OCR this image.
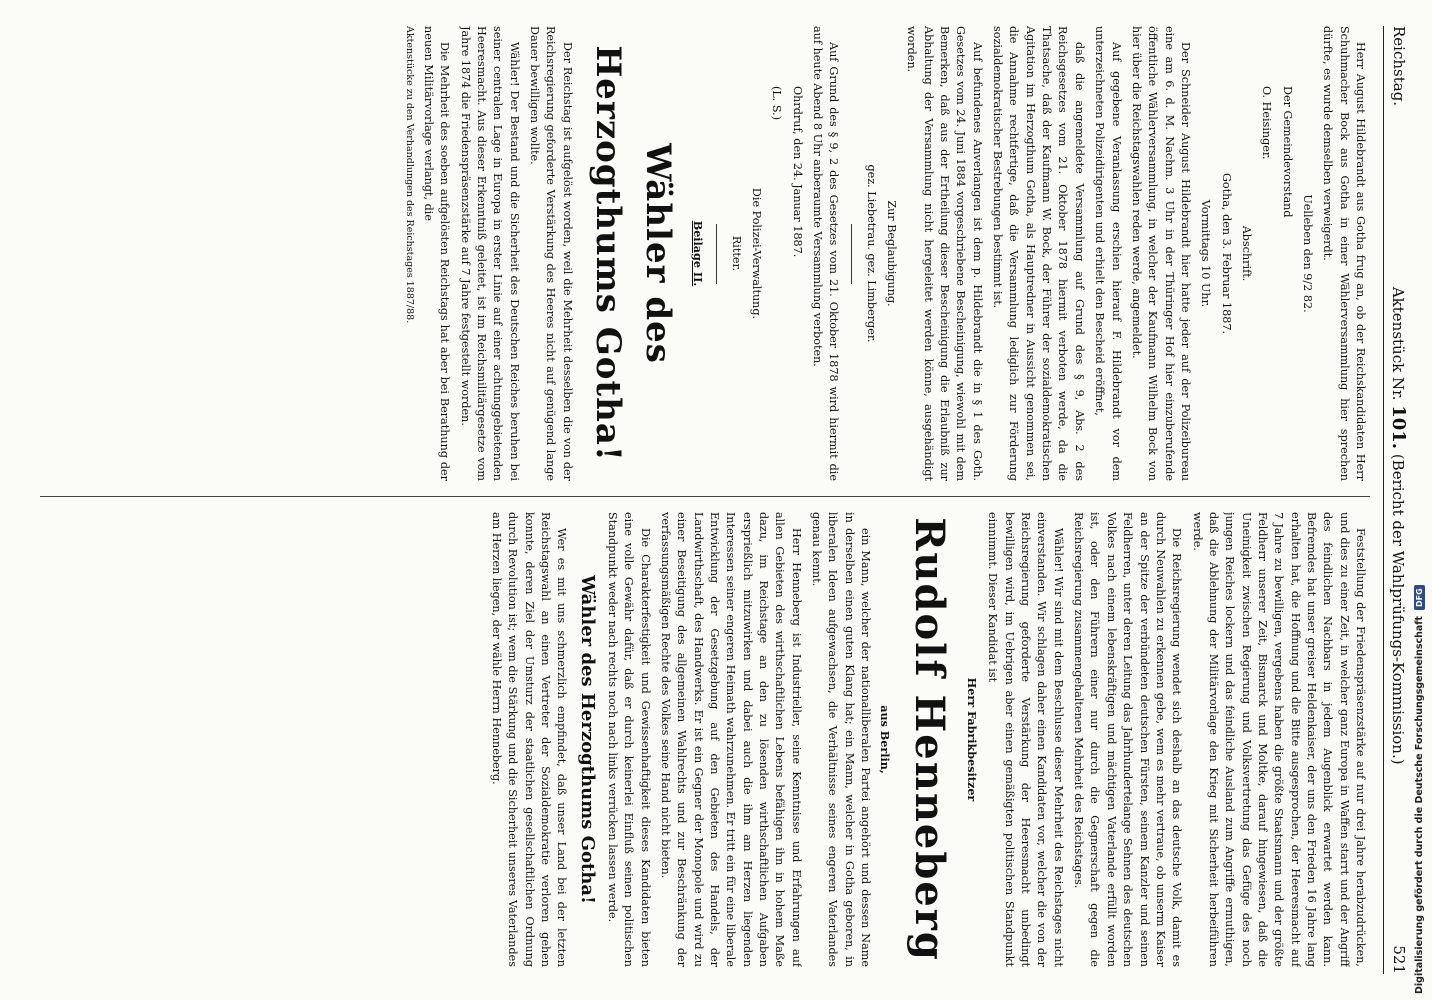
Reichstag.
Aktenstück Nr. 101. (Bericht der Wahlprüfungs-Kommission.)
521

Herr August Hildebrandt aus Gotha frug an, ob der Reichskandidaten Herr Schuhmacher Bock aus Gotha in einer Wählerversammlung hier sprechen dürfte, es wurde demselben verweigerdt.

Uelleben den 9/2 82.

Der Gemeindevorstand

O. Heisinger.

Abschrift.

Gotha, den 3. Februar 1887.

Vormittags 10 Uhr.

Der Schneider August Hildebrandt hier hatte jeder auf der Polizeibureau eine am 6. d. M. Nachm. 3 Uhr in der Thüringer Hof hier einzuberufende öffentliche Wählerversammlung, in welcher der Kaufmann Wilhelm Bock von hier über die Reichstagswahlen reden werde, angemeldet.

Auf gegebene Veranlassung erschien hierauf F. Hildebrandt vor dem unterzeichneten Polizeidirigenten und erhielt den Bescheid eröffnet,

daß die angemeldete Versammlung auf Grund des § 9, Abs. 2 des Reichsgesetzes vom 21. Oktober 1878 hiermit verboten werde, da die Thatsache, daß der Kaufmann W. Bock, der Führer der sozialdemokratischen Agitation im Herzogthum Gotha, als Hauptredner in Aussicht genommen sei, die Annahme rechtfertige, daß die Versammlung lediglich zur Förderung sozialdemokratischer Bestrebungen bestimmt ist.

Auf befundenes Anverlangen ist dem p. Hildebrandt die in § 1 des Goth. Gesetzes vom 24. Juni 1884 vorgeschriebene Bescheinigung, wiewohl mit dem Bemerken, daß aus der Ertheilung dieser Bescheinigung die Erlaubniß zur Abhaltung der Versammlung nicht hergeleitet werden könne, ausgehändigt worden.

Zur Beglaubigung.

gez. Liebetrau. gez. Limberger.

Auf Grund des § 9, 2 des Gesetzes vom 21. Oktober 1878 wird hiermit die auf heute Abend 8 Uhr anberaumte Versammlung verboten.

Ohrdruf, den 24. Januar 1887.

(L. S.)

Die Polizei-Verwaltung.

Ritter.

Beilage II.

Wähler des Herzogthums Gotha!

Der Reichstag ist aufgelöst worden, weil die Mehrheit desselben die von der Reichsregierung geforderte Verstärkung des Heeres nicht auf genügend lange Dauer bewilligen wollte.

Wähler! Der Bestand und die Sicherheit des Deutschen Reiches beruhen bei seiner centralen Lage in Europa in erster Linie auf einer achtunggebietenden Heeresmacht. Aus dieser Erkenntniß geleitet, ist im Reichsmilitärgesetze vom Jahre 1874 die Friedenspräsenzstärke auf 7 Jahre festgestellt worden.

Die Mehrheit des soeben aufgelösten Reichstags hat aber bei Berathung der neuen Militärvorlage verlangt, die

Aktenstücke zu den Verhandlungen des Reichstages 1887/88.

Feststellung der Friedenspräsenzstärke auf nur drei Jahre herabzudrücken, und dies zu einer Zeit, in welcher ganz Europa in Waffen starrt und der Angriff des feindlichen Nachbars in jedem Augenblick erwartet werden kann. Befremdes hat unser greiser Heldenkaiser, der uns den Frieden 16 Jahre lang erhalten hat, die Hoffnung und die Bitte ausgesprochen, der Heeresmacht auf 7 Jahre zu bewilligen, vergebens haben die größte Staatsmann und der größte Feldherr unserer Zeit, Bismarck und Moltke, darauf hingewiesen, daß die Uneinigkeit zwischen Regierung und Volksvertretung das Gefüge des noch jungen Reiches lockern und das feindliche Ausland zum Angriffe ermuthigen, daß die Ablehnung der Militärvorlage den Krieg mit Sicherheit herbeiführen werde.

Die Reichsregierung wendet sich deshalb an das deutsche Volk, damit es durch Neuwahlen zu erkennen gebe, wem es mehr vertraue, ob unserm Kaiser an der Spitze der verbündeten deutschen Fürsten, seinem Kanzler und seinen Feldherren, unter deren Leitung das Jahrhundertelange Sehnen des deutschen Volkes nach einem lebenskräftigen und mächtigen Vaterlande erfüllt worden ist, oder den Führern einer nur durch die Gegnerschaft gegen die Reichsregierung zusammengehaltenen Mehrheit des Reichstages.

Wähler! Wir sind mit dem Beschlusse dieser Mehrheit des Reichstages nicht einverstanden. Wir schlagen daher einen Kandidaten vor, welcher die von der Reichsregierung geforderte Verstärkung der Heeresmacht unbedingt bewilligen wird, im Uebrigen aber einen gemäßigten politischen Standpunkt einnimmt. Dieser Kandidat ist

Herr Fabrikbesitzer

Rudolf Henneberg

aus Berlin,

ein Mann, welcher der nationalliberalen Partei angehört und dessen Name in derselben einen guten Klang hat; ein Mann, welcher in Gotha geboren, in liberalen Ideen aufgewachsen, die Verhältnisse seines engeren Vaterlandes genau kennt.

Herr Henneberg ist Industrieller, seine Kenntnisse und Erfahrungen auf allen Gebieten des wirthschaftlichen Lebens befähigen ihn in hohem Maße dazu, im Reichstage an den zu lösenden wirthschaftlichen Aufgaben ersprießlich mitzuwirken und dabei auch die ihm am Herzen liegenden Interessen seiner engeren Heimath wahrzunehmen. Er tritt ein für eine liberale Entwicklung der Gesetzgebung auf den Gebieten des Handels, der Landwirthschaft, des Handwerks. Er ist ein Gegner der Monopole und wird zu einer Beseitigung des allgemeinen Wahlrechts und zur Beschränkung der verfassungsmäßigen Rechte des Volkes seine Hand nicht bieten.

Die Charakterfestigkeit und Gewissenhaftigkeit dieses Kandidaten bieten eine volle Gewähr dafür, daß er durch keinerlei Einfluß seinen politischen Standpunkt weder nach rechts noch nach links verrücken lassen werde.

Wähler des Herzogthums Gotha!

Wer es mit uns schmerzlich empfindet, daß unser Land bei der letzten Reichstagswahl an einen Vertreter der Sozialdemokratie verloren gehen konnte, deren Ziel der Umsturz der staatlichen gesellschaftlichen Ordnung durch Revolution ist; wem die Stärkung und die Sicherheit unseres Vaterlandes am Herzen liegen, der wähle Herrn Henneberg.	Digitalisierung gefördert durch die Deutsche Forschungsgemeinschaft
DFG
